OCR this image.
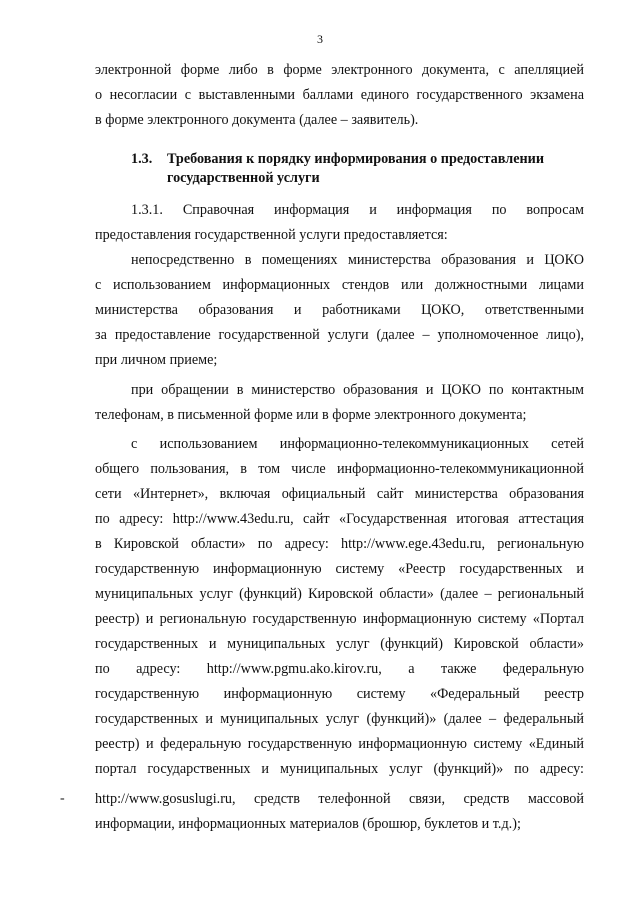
3
электронной форме либо в форме электронного документа, с апелляцией
о несогласии с выставленными баллами единого государственного экзамена
в форме электронного документа (далее – заявитель).
1.3. Требования к порядку информирования о предоставлении
государственной услуги
1.3.1. Справочная информация и информация по вопросам
предоставления государственной услуги предоставляется:
непосредственно в помещениях министерства образования и ЦОКО
с использованием информационных стендов или должностными лицами
министерства образования и работниками ЦОКО, ответственными
за предоставление государственной услуги (далее – уполномоченное лицо),
при личном приеме;
при обращении в министерство образования и ЦОКО по контактным
телефонам, в письменной форме или в форме электронного документа;
с использованием информационно-телекоммуникационных сетей
общего пользования, в том числе информационно-телекоммуникационной
сети «Интернет», включая официальный сайт министерства образования
по адресу: http://www.43edu.ru, сайт «Государственная итоговая аттестация
в Кировской области» по адресу: http://www.ege.43edu.ru, региональную
государственную информационную систему «Реестр государственных и
муниципальных услуг (функций) Кировской области» (далее – региональный
реестр) и региональную государственную информационную систему «Портал
государственных и муниципальных услуг (функций) Кировской области»
по адресу: http://www.pgmu.ako.kirov.ru, а также федеральную
государственную информационную систему «Федеральный реестр
государственных и муниципальных услуг (функций)» (далее – федеральный
реестр) и федеральную государственную информационную систему «Единый
портал государственных и муниципальных услуг (функций)» по адресу:
http://www.gosuslugi.ru, средств телефонной связи, средств массовой
информации, информационных материалов (брошюр, буклетов и т.д.);
-
